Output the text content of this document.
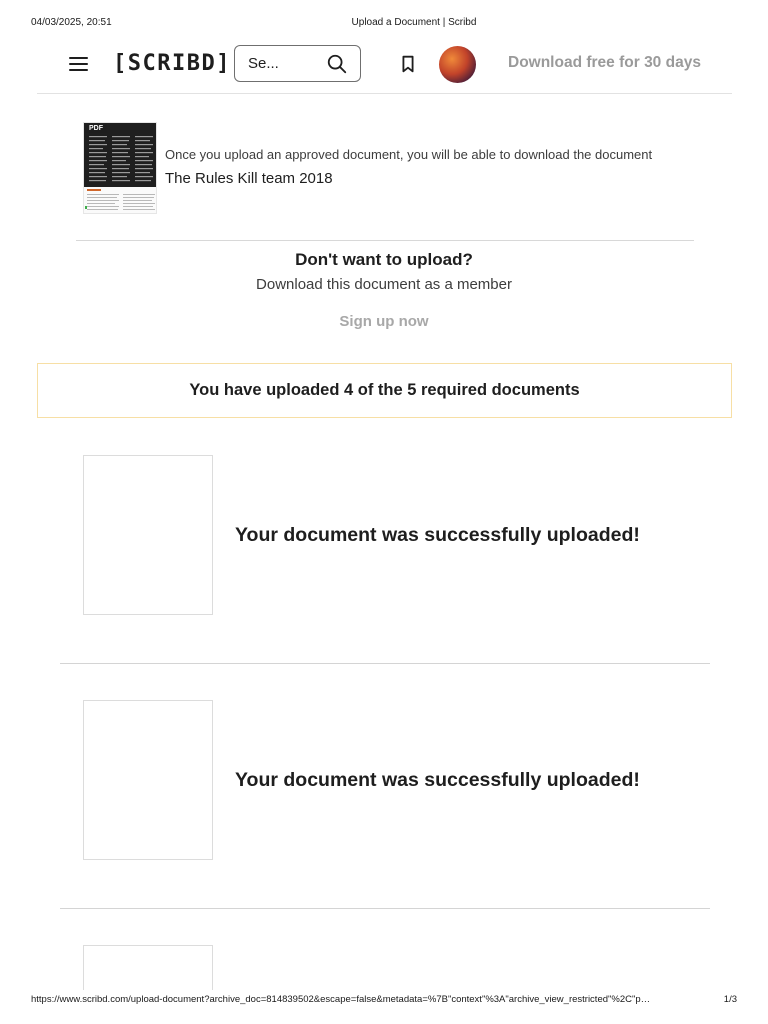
04/03/2025, 20:51	Upload a Document | Scribd
[SCRIBD]
Se...	Download free for 30 days
PDF
Once you upload an approved document, you will be able to download the document
The Rules Kill team 2018
Don't want to upload?
Download this document as a member
Sign up now
You have uploaded 4 of the 5 required documents
Your document was successfully uploaded!
Your document was successfully uploaded!
https://www.scribd.com/upload-document?archive_doc=814839502&escape=false&metadata=%7B"context"%3A"archive_view_restricted"%2C"p…	1/3
